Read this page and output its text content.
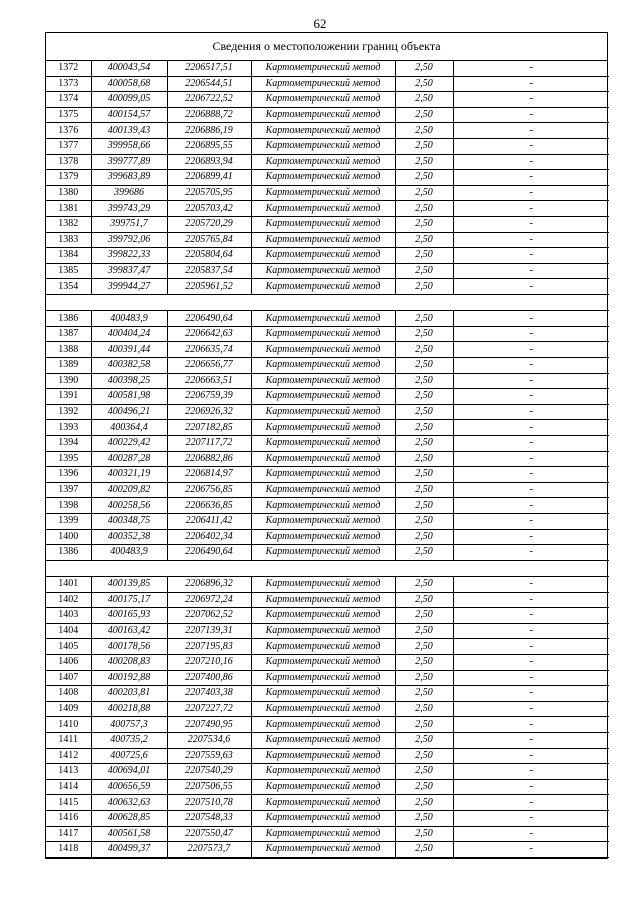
62
Сведения о местоположении границ объекта
1372	400043,54	2206517,51	Картометрический метод	2,50	-
1373	400058,68	2206544,51	Картометрический метод	2,50	-
1374	400099,05	2206722,52	Картометрический метод	2,50	-
1375	400154,57	2206888,72	Картометрический метод	2,50	-
1376	400139,43	2206886,19	Картометрический метод	2,50	-
1377	399958,66	2206895,55	Картометрический метод	2,50	-
1378	399777,89	2206893,94	Картометрический метод	2,50	-
1379	399683,89	2206899,41	Картометрический метод	2,50	-
1380	399686	2205705,95	Картометрический метод	2,50	-
1381	399743,29	2205703,42	Картометрический метод	2,50	-
1382	399751,7	2205720,29	Картометрический метод	2,50	-
1383	399792,06	2205765,84	Картометрический метод	2,50	-
1384	399822,33	2205804,64	Картометрический метод	2,50	-
1385	399837,47	2205837,54	Картометрический метод	2,50	-
1354	399944,27	2205961,52	Картометрический метод	2,50	-

1386	400483,9	2206490,64	Картометрический метод	2,50	-
1387	400404,24	2206642,63	Картометрический метод	2,50	-
1388	400391,44	2206635,74	Картометрический метод	2,50	-
1389	400382,58	2206656,77	Картометрический метод	2,50	-
1390	400398,25	2206663,51	Картометрический метод	2,50	-
1391	400581,98	2206759,39	Картометрический метод	2,50	-
1392	400496,21	2206926,32	Картометрический метод	2,50	-
1393	400364,4	2207182,85	Картометрический метод	2,50	-
1394	400229,42	2207117,72	Картометрический метод	2,50	-
1395	400287,28	2206882,86	Картометрический метод	2,50	-
1396	400321,19	2206814,97	Картометрический метод	2,50	-
1397	400209,82	2206756,85	Картометрический метод	2,50	-
1398	400258,56	2206636,85	Картометрический метод	2,50	-
1399	400348,75	2206411,42	Картометрический метод	2,50	-
1400	400352,38	2206402,34	Картометрический метод	2,50	-
1386	400483,9	2206490,64	Картометрический метод	2,50	-

1401	400139,85	2206896,32	Картометрический метод	2,50	-
1402	400175,17	2206972,24	Картометрический метод	2,50	-
1403	400165,93	2207062,52	Картометрический метод	2,50	-
1404	400163,42	2207139,31	Картометрический метод	2,50	-
1405	400178,56	2207195,83	Картометрический метод	2,50	-
1406	400208,83	2207210,16	Картометрический метод	2,50	-
1407	400192,88	2207400,86	Картометрический метод	2,50	-
1408	400203,81	2207403,38	Картометрический метод	2,50	-
1409	400218,88	2207227,72	Картометрический метод	2,50	-
1410	400757,3	2207490,95	Картометрический метод	2,50	-
1411	400735,2	2207534,6	Картометрический метод	2,50	-
1412	400725,6	2207559,63	Картометрический метод	2,50	-
1413	400694,01	2207540,29	Картометрический метод	2,50	-
1414	400656,59	2207506,55	Картометрический метод	2,50	-
1415	400632,63	2207510,78	Картометрический метод	2,50	-
1416	400628,85	2207548,33	Картометрический метод	2,50	-
1417	400561,58	2207550,47	Картометрический метод	2,50	-
1418	400499,37	2207573,7	Картометрический метод	2,50	-
